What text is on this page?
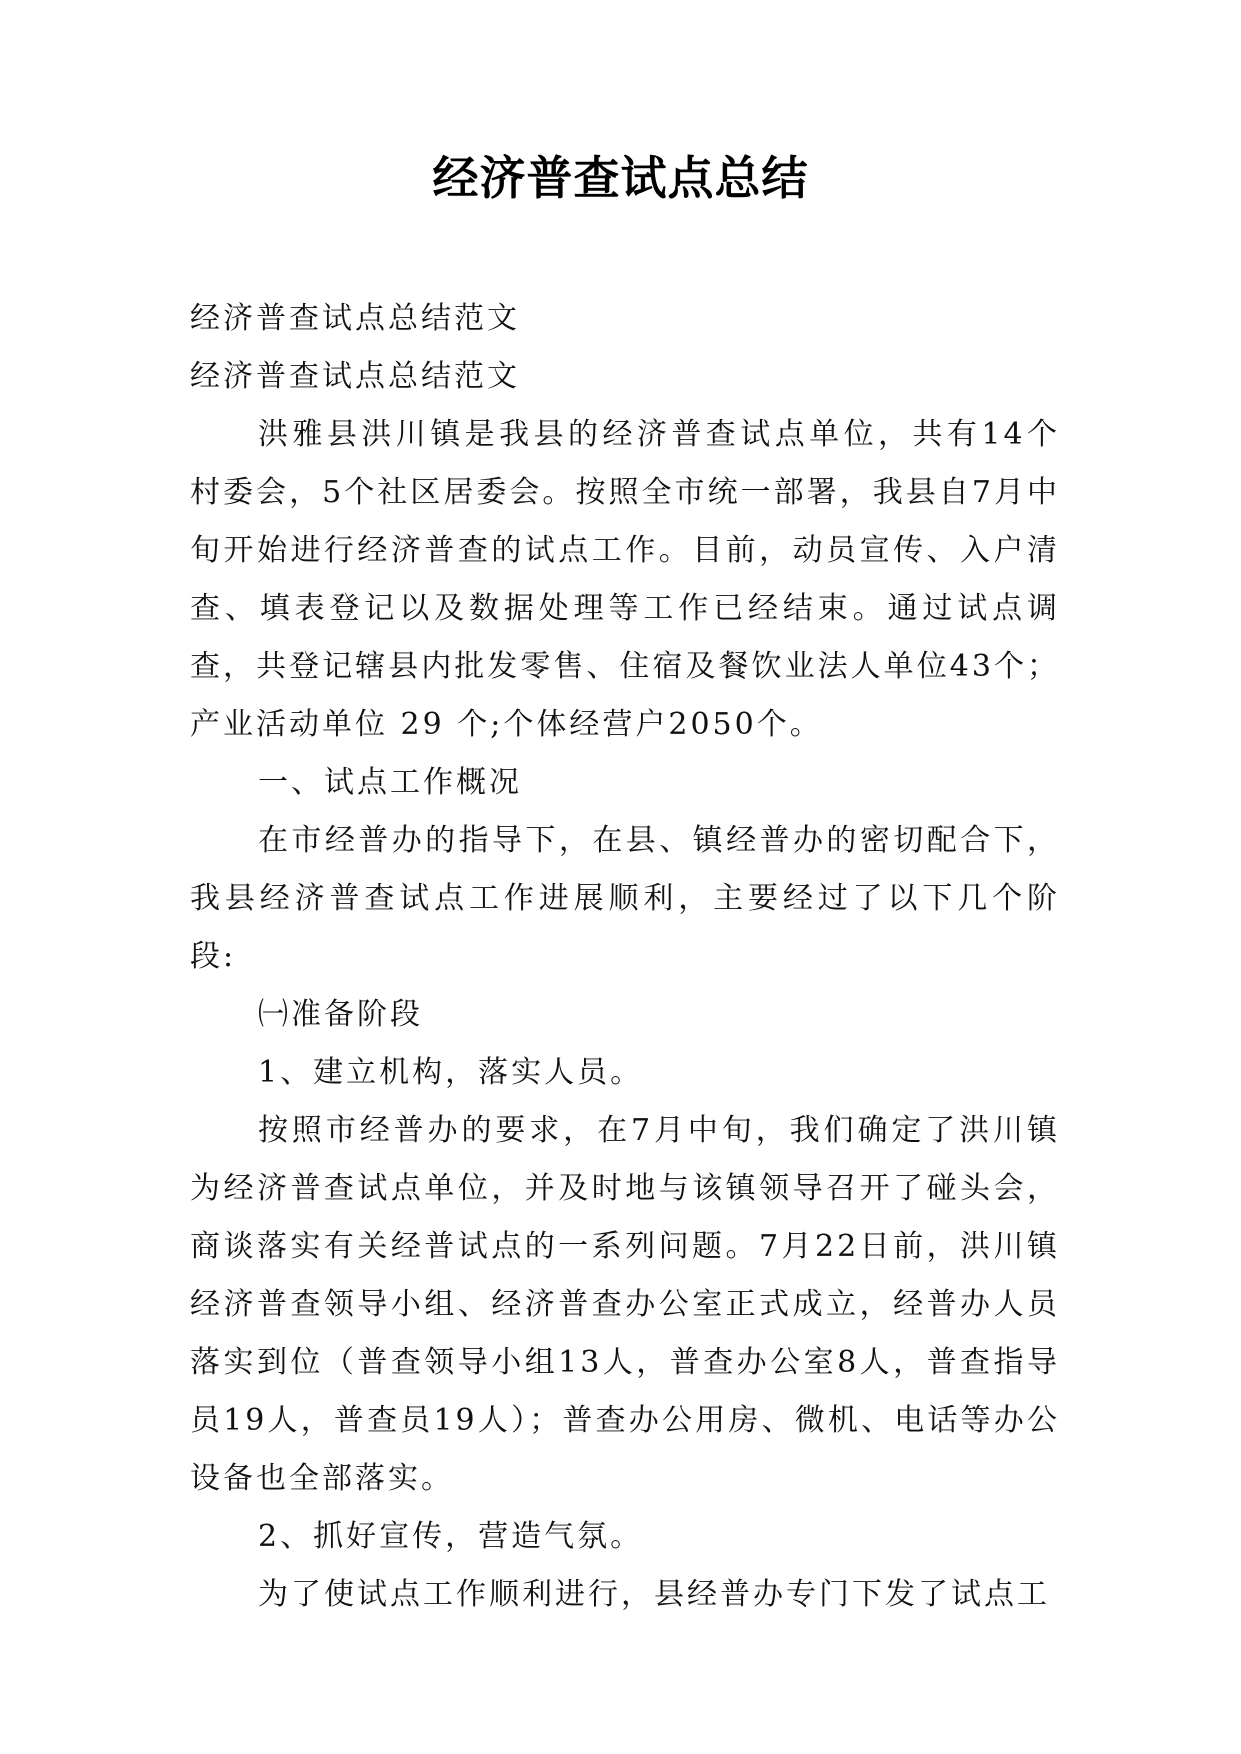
经济普查试点总结

经济普查试点总结范文

经济普查试点总结范文

洪雅县洪川镇是我县的经济普查试点单位，共有14个村委会，5个社区居委会。按照全市统一部署，我县自7月中旬开始进行经济普查的试点工作。目前，动员宣传、入户清查、填表登记以及数据处理等工作已经结束。通过试点调查，共登记辖县内批发零售、住宿及餐饮业法人单位43个；产业活动单位 29 个;个体经营户2050个。

一、试点工作概况

在市经普办的指导下，在县、镇经普办的密切配合下，我县经济普查试点工作进展顺利，主要经过了以下几个阶段:

㈠准备阶段

1、建立机构，落实人员。

按照市经普办的要求，在7月中旬，我们确定了洪川镇为经济普查试点单位，并及时地与该镇领导召开了碰头会，商谈落实有关经普试点的一系列问题。7月22日前，洪川镇经济普查领导小组、经济普查办公室正式成立，经普办人员落实到位（普查领导小组13人，普查办公室8人，普查指导员19人，普查员19人）；普查办公用房、微机、电话等办公设备也全部落实。

2、抓好宣传，营造气氛。

为了使试点工作顺利进行，县经普办专门下发了试点工
